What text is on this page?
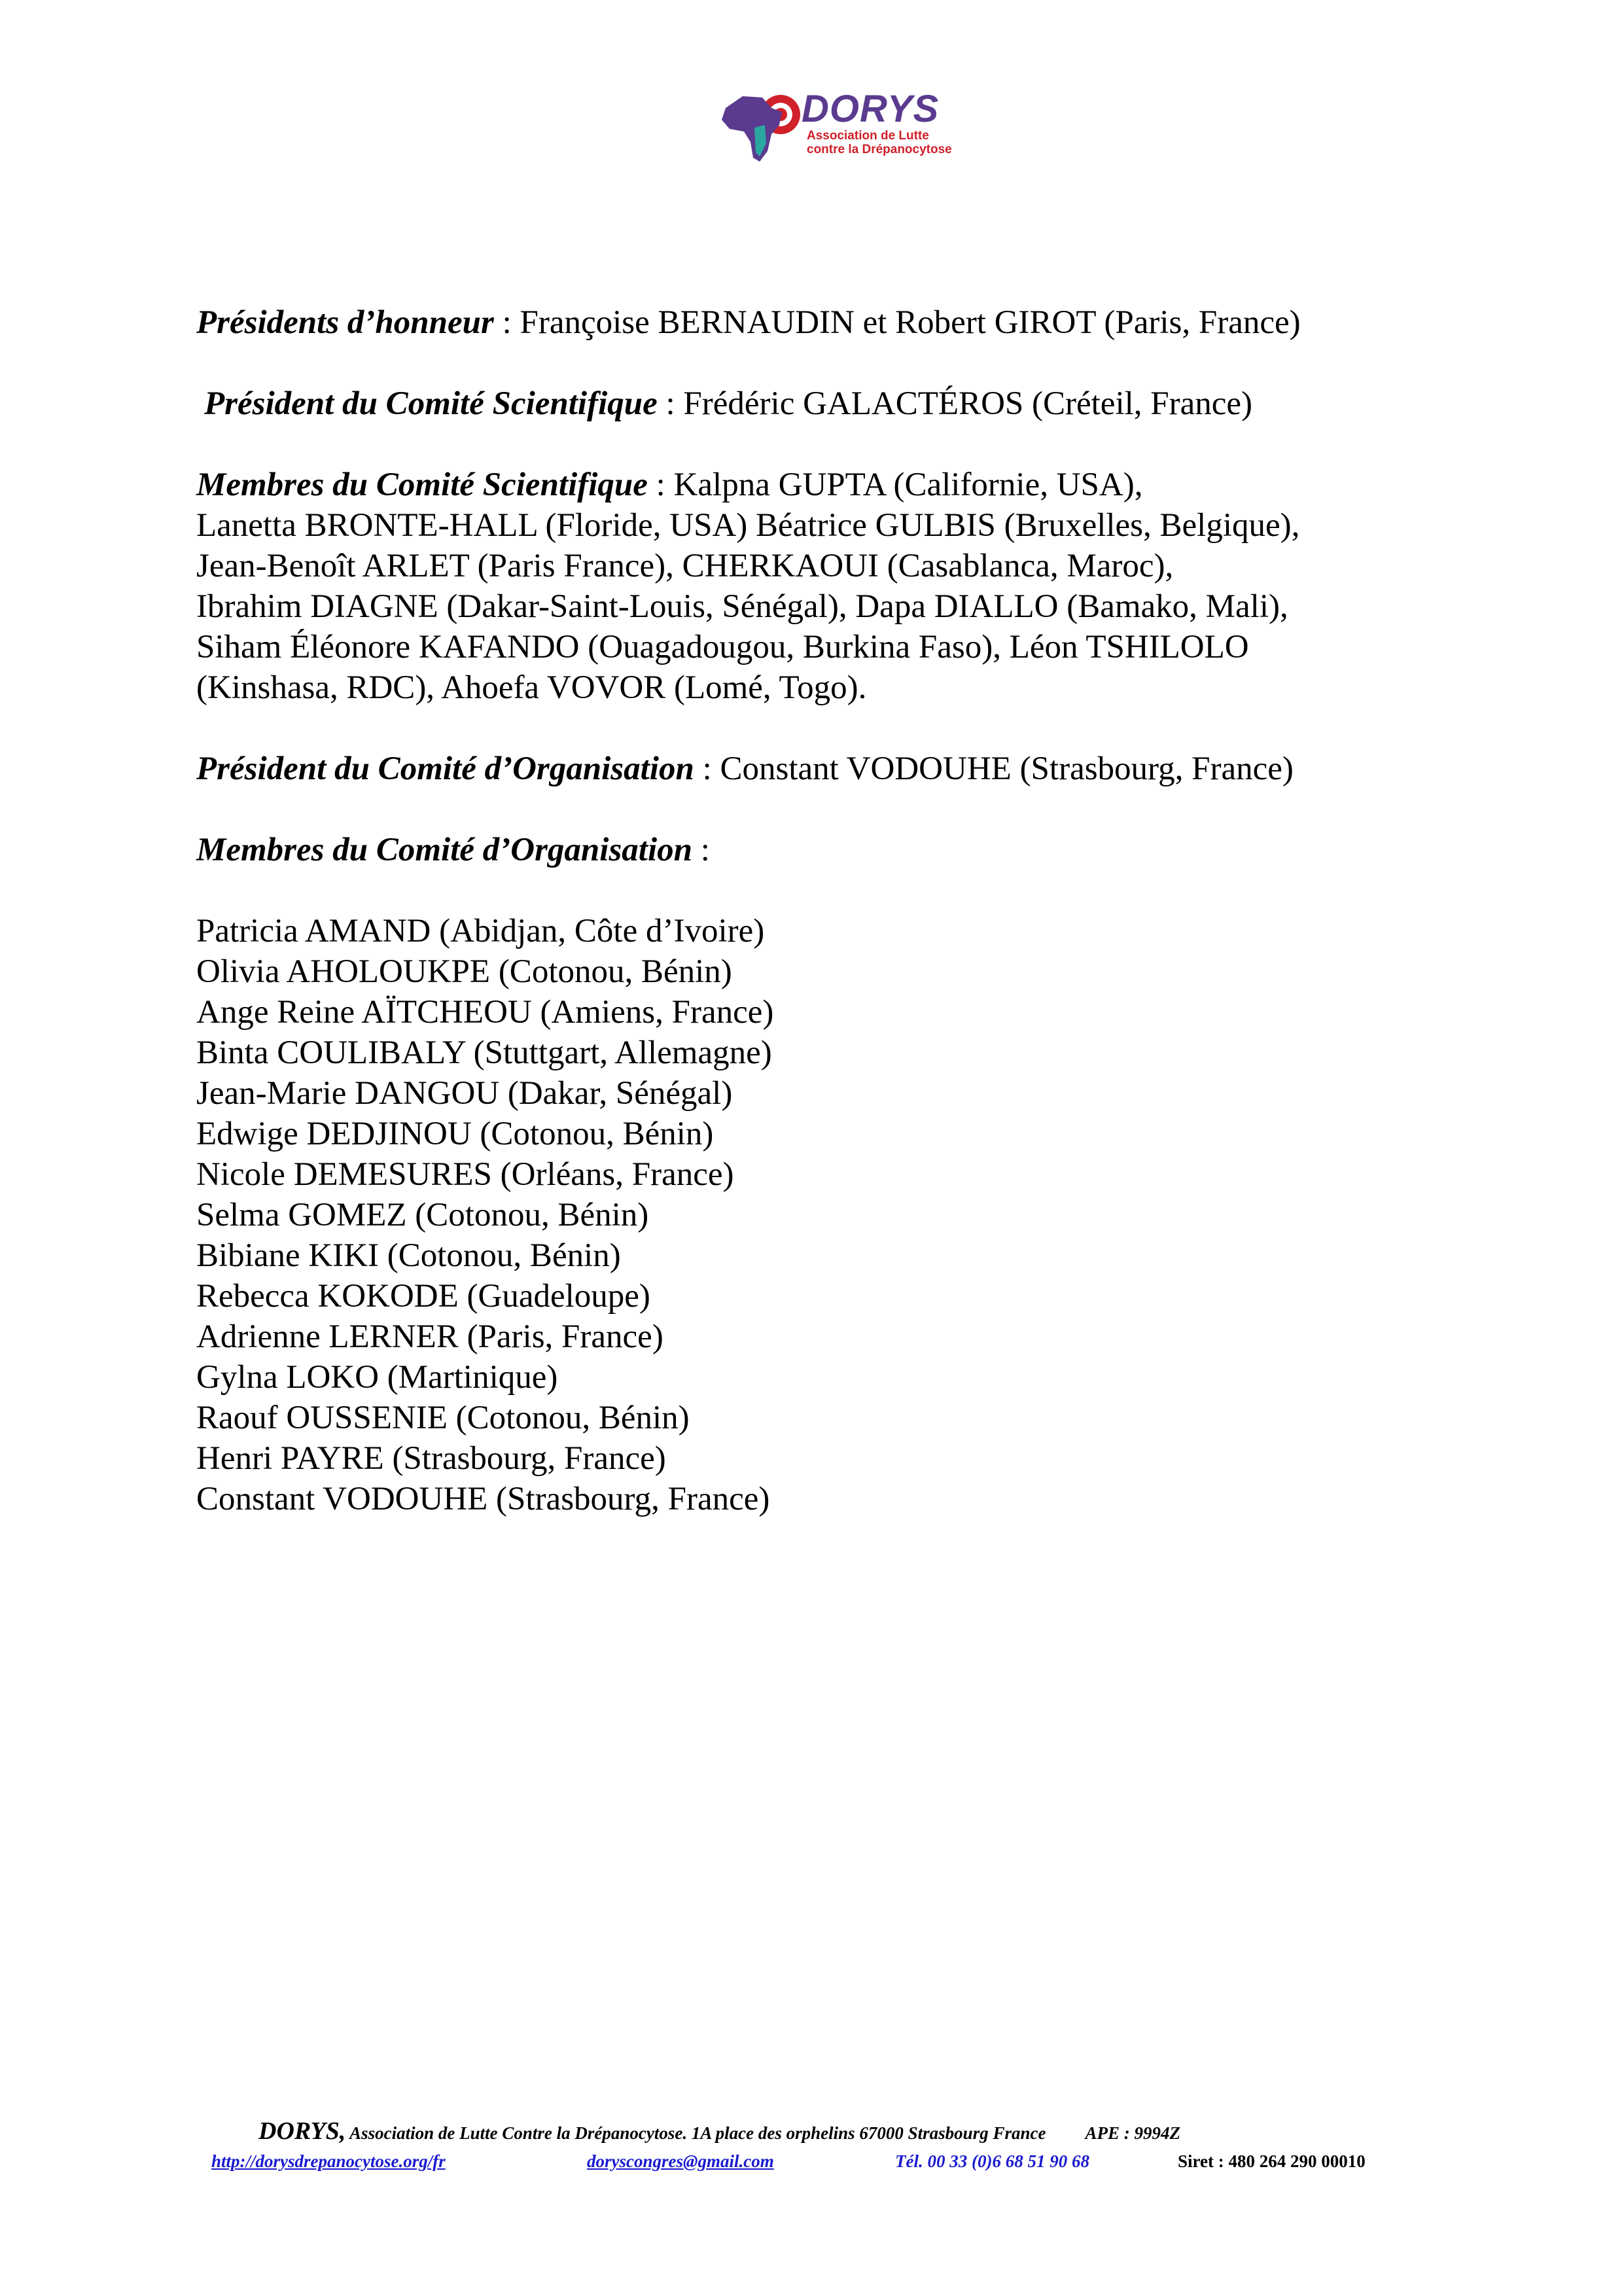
DORYS
Association de Lutte
contre la Drépanocytose

Présidents d’honneur : Françoise BERNAUDIN et Robert GIROT (Paris, France)

Président du Comité Scientifique : Frédéric GALACTÉROS (Créteil, France)

Membres du Comité Scientifique : Kalpna GUPTA (Californie, USA),

Lanetta BRONTE-HALL (Floride, USA) Béatrice GULBIS (Bruxelles, Belgique),

Jean-Benoît ARLET (Paris France), CHERKAOUI (Casablanca, Maroc),

Ibrahim DIAGNE (Dakar-Saint-Louis, Sénégal), Dapa DIALLO (Bamako, Mali),

Siham Éléonore KAFANDO (Ouagadougou, Burkina Faso), Léon TSHILOLO

(Kinshasa, RDC), Ahoefa VOVOR (Lomé, Togo).

Président du Comité d’Organisation : Constant VODOUHE (Strasbourg, France)

Membres du Comité d’Organisation :

Patricia AMAND (Abidjan, Côte d’Ivoire)

Olivia AHOLOUKPE (Cotonou, Bénin)

Ange Reine AÏTCHEOU (Amiens, France)

Binta COULIBALY (Stuttgart, Allemagne)

Jean-Marie DANGOU (Dakar, Sénégal)

Edwige DEDJINOU (Cotonou, Bénin)

Nicole DEMESURES (Orléans, France)

Selma GOMEZ (Cotonou, Bénin)

Bibiane KIKI (Cotonou, Bénin)

Rebecca KOKODE (Guadeloupe)

Adrienne LERNER (Paris, France)

Gylna LOKO (Martinique)

Raouf OUSSENIE (Cotonou, Bénin)

Henri PAYRE (Strasbourg, France)

Constant VODOUHE (Strasbourg, France)

DORYS, Association de Lutte Contre la Drépanocytose. 1A place des orphelins 67000 Strasbourg France APE : 9994Z
http://dorysdrepanocytose.org/fr	doryscongres@gmail.com	Tél. 00 33 (0)6 68 51 90 68	Siret : 480 264 290 00010
